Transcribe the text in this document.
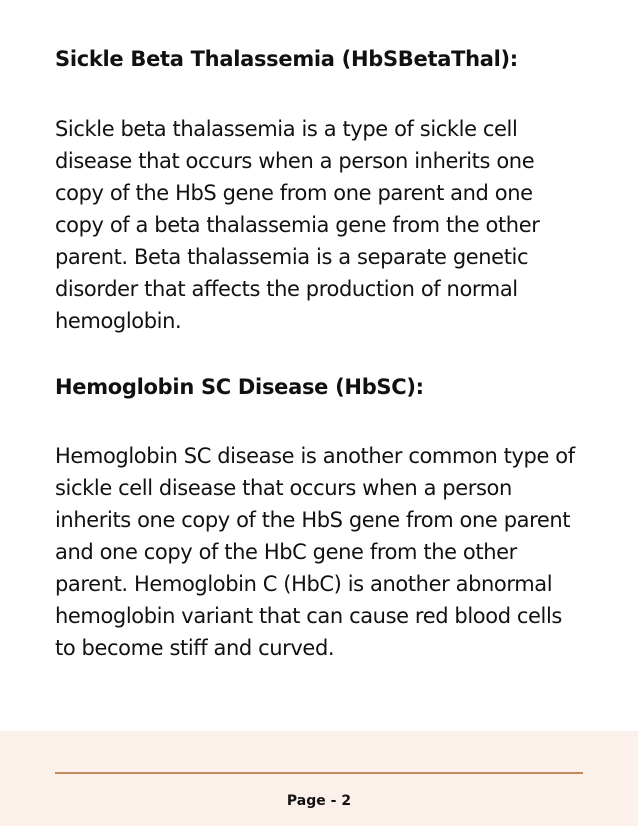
Sickle Beta Thalassemia (HbSBetaThal):

Sickle beta thalassemia is a type of sickle cell disease that occurs when a person inherits one copy of the HbS gene from one parent and one copy of a beta thalassemia gene from the other parent. Beta thalassemia is a separate genetic disorder that affects the production of normal hemoglobin.

Hemoglobin SC Disease (HbSC):

Hemoglobin SC disease is another common type of sickle cell disease that occurs when a person inherits one copy of the HbS gene from one parent and one copy of the HbC gene from the other parent. Hemoglobin C (HbC) is another abnormal hemoglobin variant that can cause red blood cells to become stiff and curved.

Page - 2
